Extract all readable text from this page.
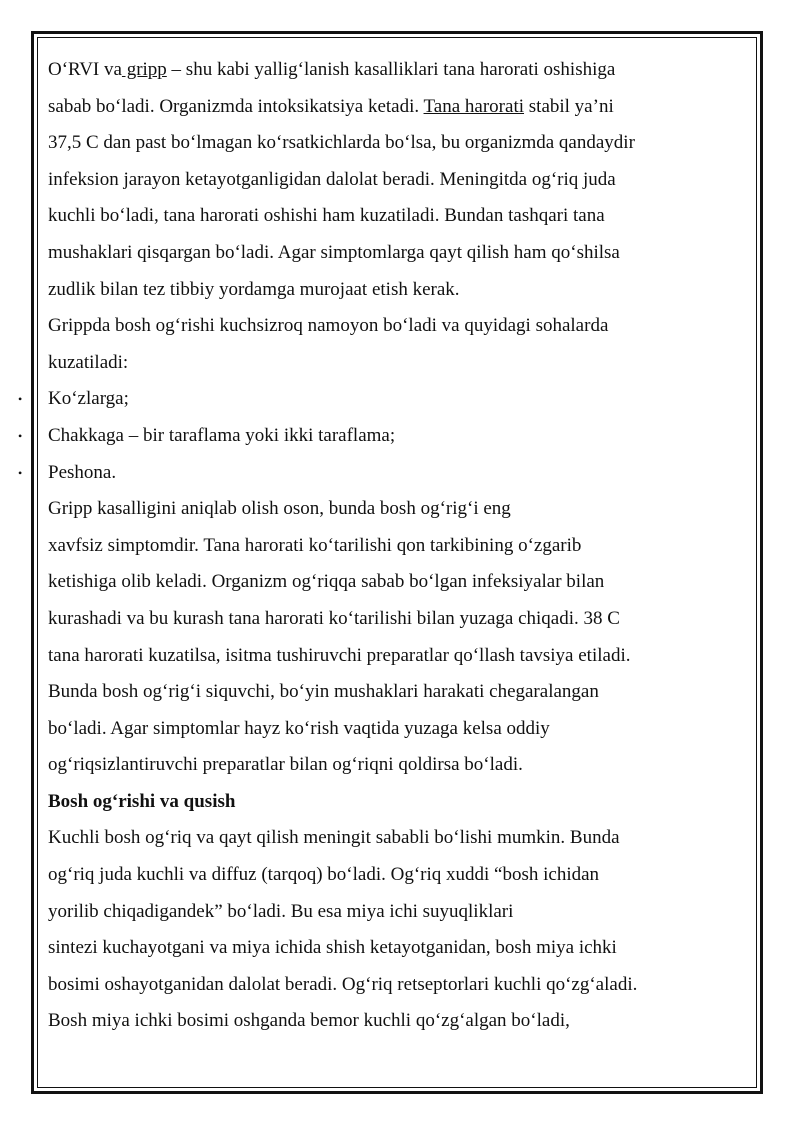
O‘RVI va gripp – shu kabi yallig‘lanish kasalliklari tana harorati oshishiga

sabab bo‘ladi. Organizmda intoksikatsiya ketadi. Tana harorati stabil ya’ni

37,5 C dan past bo‘lmagan ko‘rsatkichlarda bo‘lsa, bu organizmda qandaydir

infeksion jarayon ketayotganligidan dalolat beradi. Meningitda og‘riq juda

kuchli bo‘ladi, tana harorati oshishi ham kuzatiladi. Bundan tashqari tana

mushaklari qisqargan bo‘ladi. Agar simptomlarga qayt qilish ham qo‘shilsa

zudlik bilan tez tibbiy yordamga murojaat etish kerak.

Grippda bosh og‘rishi kuchsizroq namoyon bo‘ladi va quyidagi sohalarda

kuzatiladi:

• Ko‘zlarga;

• Chakkaga – bir taraflama yoki ikki taraflama;

• Peshona.

Gripp kasalligini aniqlab olish oson, bunda bosh og‘rig‘i eng

xavfsiz simptomdir. Tana harorati ko‘tarilishi qon tarkibining o‘zgarib

ketishiga olib keladi. Organizm og‘riqqa sabab bo‘lgan infeksiyalar bilan

kurashadi va bu kurash tana harorati ko‘tarilishi bilan yuzaga chiqadi. 38 C

tana harorati kuzatilsa, isitma tushiruvchi preparatlar qo‘llash tavsiya etiladi.

Bunda bosh og‘rig‘i siquvchi, bo‘yin mushaklari harakati chegaralangan

bo‘ladi. Agar simptomlar hayz ko‘rish vaqtida yuzaga kelsa oddiy

og‘riqsizlantiruvchi preparatlar bilan og‘riqni qoldirsa bo‘ladi.

Bosh og‘rishi va qusish

Kuchli bosh og‘riq va qayt qilish meningit sababli bo‘lishi mumkin. Bunda

og‘riq juda kuchli va diffuz (tarqoq) bo‘ladi. Og‘riq xuddi “bosh ichidan

yorilib chiqadigandek” bo‘ladi. Bu esa miya ichi suyuqliklari

sintezi kuchayotgani va miya ichida shish ketayotganidan, bosh miya ichki

bosimi oshayotganidan dalolat beradi. Og‘riq retseptorlari kuchli qo‘zg‘aladi.

Bosh miya ichki bosimi oshganda bemor kuchli qo‘zg‘algan bo‘ladi,
